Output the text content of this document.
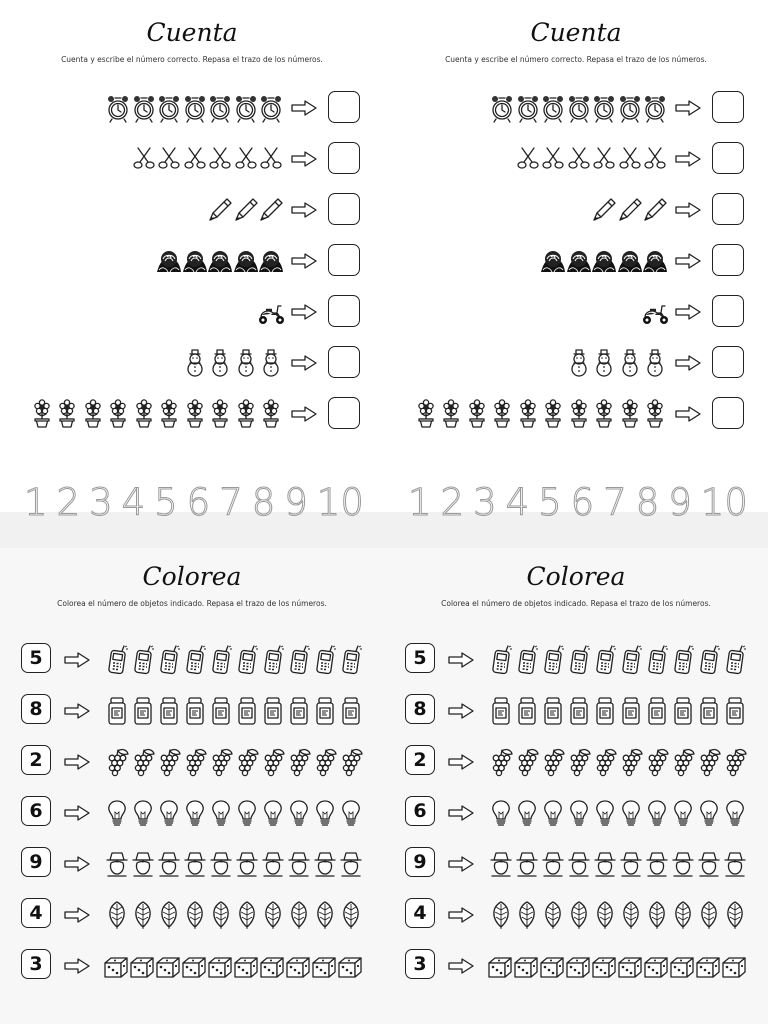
Cuenta
Cuenta y escribe el número correcto. Repasa el trazo de los números.
1 2 3 4 5 6 7 8 9 10
Cuenta
Cuenta y escribe el número correcto. Repasa el trazo de los números.
1 2 3 4 5 6 7 8 9 10
Colorea
Colorea el número de objetos indicado. Repasa el trazo de los números.
5
8
2
6
9
4
3
Colorea
Colorea el número de objetos indicado. Repasa el trazo de los números.
5
8
2
6
9
4
3
